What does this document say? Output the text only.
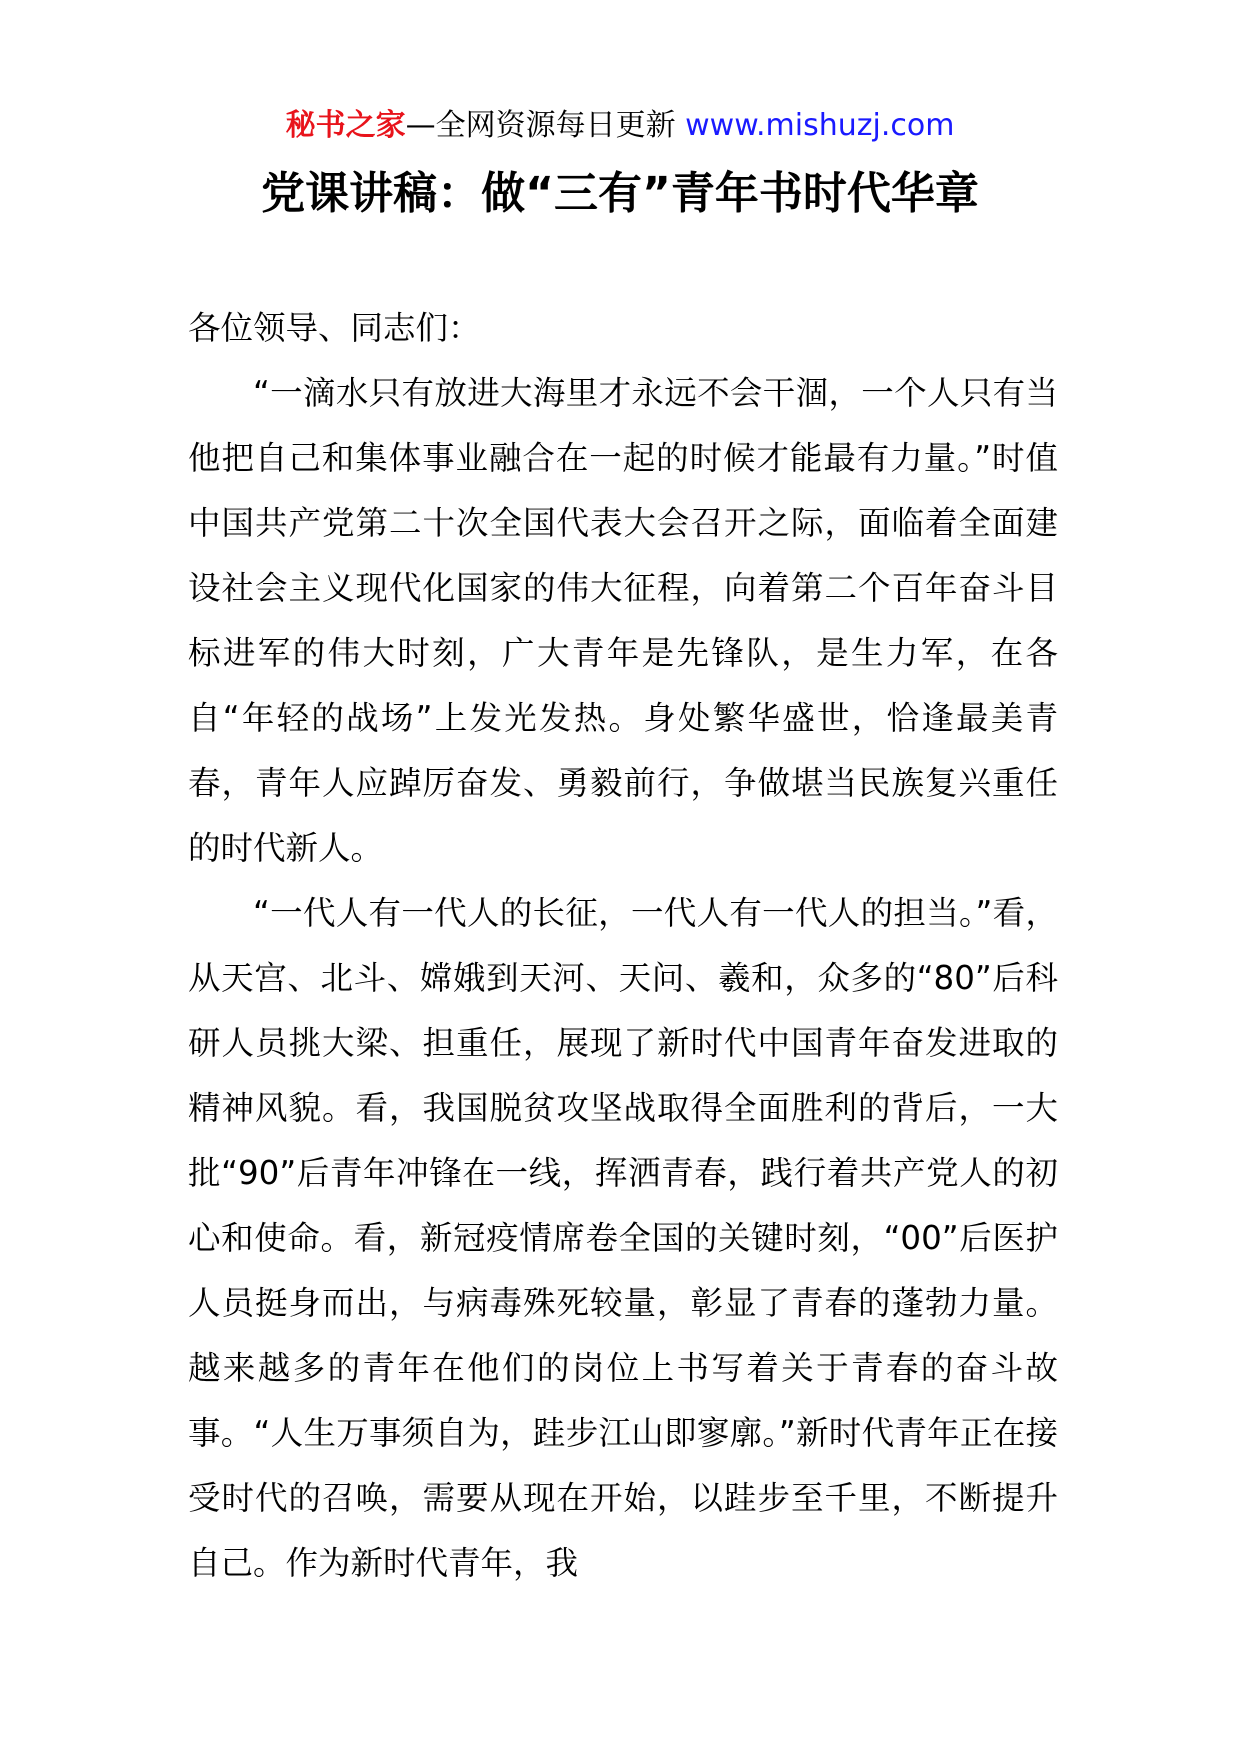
秘书之家—全网资源每日更新 www.mishuzj.com
党课讲稿：做“三有”青年书时代华章

各位领导、同志们：

“一滴水只有放进大海里才永远不会干涸，一个人只有当他把自己和集体事业融合在一起的时候才能最有力量。”时值中国共产党第二十次全国代表大会召开之际，面临着全面建设社会主义现代化国家的伟大征程，向着第二个百年奋斗目标进军的伟大时刻，广大青年是先锋队，是生力军，在各自“年轻的战场”上发光发热。身处繁华盛世，恰逢最美青春，青年人应踔厉奋发、勇毅前行，争做堪当民族复兴重任的时代新人。

“一代人有一代人的长征，一代人有一代人的担当。”看，从天宫、北斗、嫦娥到天河、天问、羲和，众多的“80”后科研人员挑大梁、担重任，展现了新时代中国青年奋发进取的精神风貌。看，我国脱贫攻坚战取得全面胜利的背后，一大批“90”后青年冲锋在一线，挥洒青春，践行着共产党人的初心和使命。看，新冠疫情席卷全国的关键时刻，“00”后医护人员挺身而出，与病毒殊死较量，彰显了青春的蓬勃力量。越来越多的青年在他们的岗位上书写着关于青春的奋斗故事。“人生万事须自为，跬步江山即寥廓。”新时代青年正在接受时代的召唤，需要从现在开始，以跬步至千里，不断提升自己。作为新时代青年，我
